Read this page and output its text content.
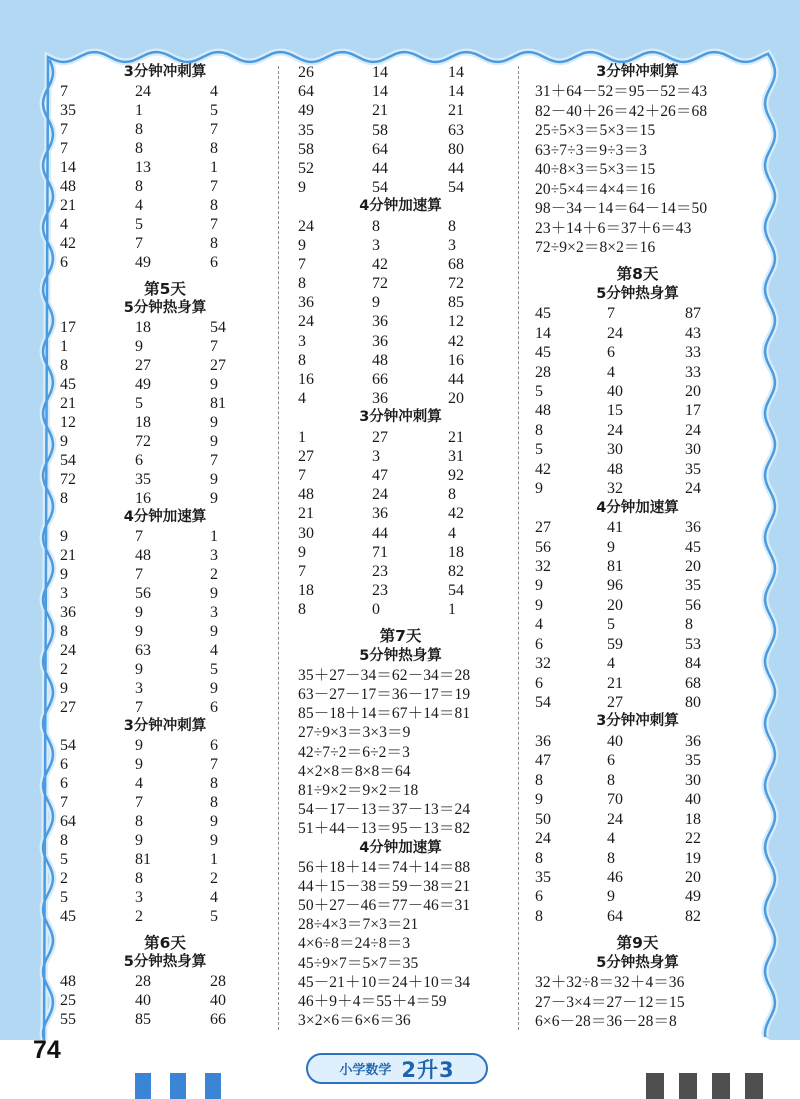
3分钟冲刺算
7	24	4
35	1	5
7	8	7
7	8	8
14	13	1
48	8	7
21	4	8
4	5	7
42	7	8
6	49	6
第5天
5分钟热身算
17	18	54
1	9	7
8	27	27
45	49	9
21	5	81
12	18	9
9	72	9
54	6	7
72	35	9
8	16	9
4分钟加速算
9	7	1
21	48	3
9	7	2
3	56	9
36	9	3
8	9	9
24	63	4
2	9	5
9	3	9
27	7	6
3分钟冲刺算
54	9	6
6	9	7
6	4	8
7	7	8
64	8	9
8	9	9
5	81	1
2	8	2
5	3	4
45	2	5
第6天
5分钟热身算
48	28	28
25	40	40
55	85	66
26	14	14
64	14	14
49	21	21
35	58	63
58	64	80
52	44	44
9	54	54
4分钟加速算
24	8	8
9	3	3
7	42	68
8	72	72
36	9	85
24	36	12
3	36	42
8	48	16
16	66	44
4	36	20
3分钟冲刺算
1	27	21
27	3	31
7	47	92
48	24	8
21	36	42
30	44	4
9	71	18
7	23	82
18	23	54
8	0	1
第7天
5分钟热身算
35＋27－34＝62－34＝28
63－27－17＝36－17＝19
85－18＋14＝67＋14＝81
27÷9×3＝3×3＝9
42÷7÷2＝6÷2＝3
4×2×8＝8×8＝64
81÷9×2＝9×2＝18
54－17－13＝37－13＝24
51＋44－13＝95－13＝82
4分钟加速算
56＋18＋14＝74＋14＝88
44＋15－38＝59－38＝21
50＋27－46＝77－46＝31
28÷4×3＝7×3＝21
4×6÷8＝24÷8＝3
45÷9×7＝5×7＝35
45－21＋10＝24＋10＝34
46＋9＋4＝55＋4＝59
3×2×6＝6×6＝36
3分钟冲刺算
31＋64－52＝95－52＝43
82－40＋26＝42＋26＝68
25÷5×3＝5×3＝15
63÷7÷3＝9÷3＝3
40÷8×3＝5×3＝15
20÷5×4＝4×4＝16
98－34－14＝64－14＝50
23＋14＋6＝37＋6＝43
72÷9×2＝8×2＝16
第8天
5分钟热身算
45	7	87
14	24	43
45	6	33
28	4	33
5	40	20
48	15	17
8	24	24
5	30	30
42	48	35
9	32	24
4分钟加速算
27	41	36
56	9	45
32	81	20
9	96	35
9	20	56
4	5	8
6	59	53
32	4	84
6	21	68
54	27	80
3分钟冲刺算
36	40	36
47	6	35
8	8	30
9	70	40
50	24	18
24	4	22
8	8	19
35	46	20
6	9	49
8	64	82
第9天
5分钟热身算
32＋32÷8＝32＋4＝36
27－3×4＝27－12＝15
6×6－28＝36－28＝8
74
小学数学 2升3
